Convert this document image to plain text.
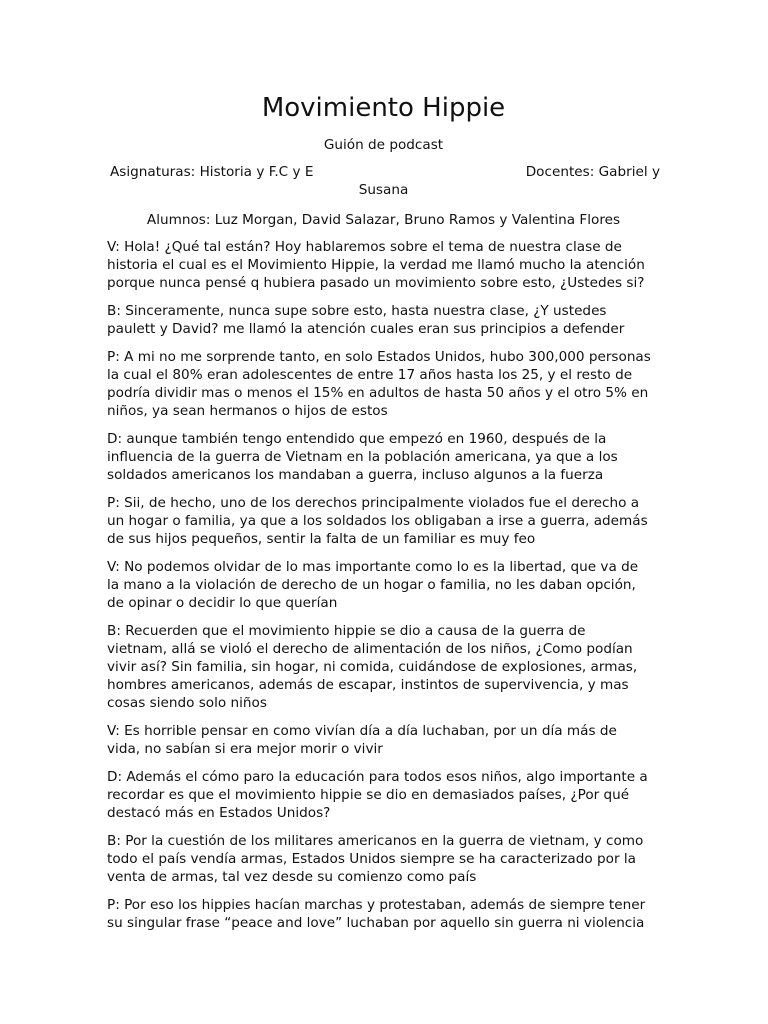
Movimiento Hippie
Guión de podcast
Asignaturas: Historia y F.C y E	Docentes: Gabriel y
Susana
Alumnos: Luz Morgan, David Salazar, Bruno Ramos y Valentina Flores

V: Hola! ¿Qué tal están? Hoy hablaremos sobre el tema de nuestra clase de
historia el cual es el Movimiento Hippie, la verdad me llamó mucho la atención
porque nunca pensé q hubiera pasado un movimiento sobre esto, ¿Ustedes si?

B: Sinceramente, nunca supe sobre esto, hasta nuestra clase, ¿Y ustedes
paulett y David? me llamó la atención cuales eran sus principios a defender

P: A mi no me sorprende tanto, en solo Estados Unidos, hubo 300,000 personas
la cual el 80% eran adolescentes de entre 17 años hasta los 25, y el resto de
podría dividir mas o menos el 15% en adultos de hasta 50 años y el otro 5% en
niños, ya sean hermanos o hijos de estos

D: aunque también tengo entendido que empezó en 1960, después de la
influencia de la guerra de Vietnam en la población americana, ya que a los
soldados americanos los mandaban a guerra, incluso algunos a la fuerza

P: Sii, de hecho, uno de los derechos principalmente violados fue el derecho a
un hogar o familia, ya que a los soldados los obligaban a irse a guerra, además
de sus hijos pequeños, sentir la falta de un familiar es muy feo

V: No podemos olvidar de lo mas importante como lo es la libertad, que va de
la mano a la violación de derecho de un hogar o familia, no les daban opción,
de opinar o decidir lo que querían

B: Recuerden que el movimiento hippie se dio a causa de la guerra de
vietnam, allá se violó el derecho de alimentación de los niños, ¿Como podían
vivir así? Sin familia, sin hogar, ni comida, cuidándose de explosiones, armas,
hombres americanos, además de escapar, instintos de supervivencia, y mas
cosas siendo solo niños

V: Es horrible pensar en como vivían día a día luchaban, por un día más de
vida, no sabían si era mejor morir o vivir

D: Además el cómo paro la educación para todos esos niños, algo importante a
recordar es que el movimiento hippie se dio en demasiados países, ¿Por qué
destacó más en Estados Unidos?

B: Por la cuestión de los militares americanos en la guerra de vietnam, y como
todo el país vendía armas, Estados Unidos siempre se ha caracterizado por la
venta de armas, tal vez desde su comienzo como país

P: Por eso los hippies hacían marchas y protestaban, además de siempre tener
su singular frase “peace and love” luchaban por aquello sin guerra ni violencia
